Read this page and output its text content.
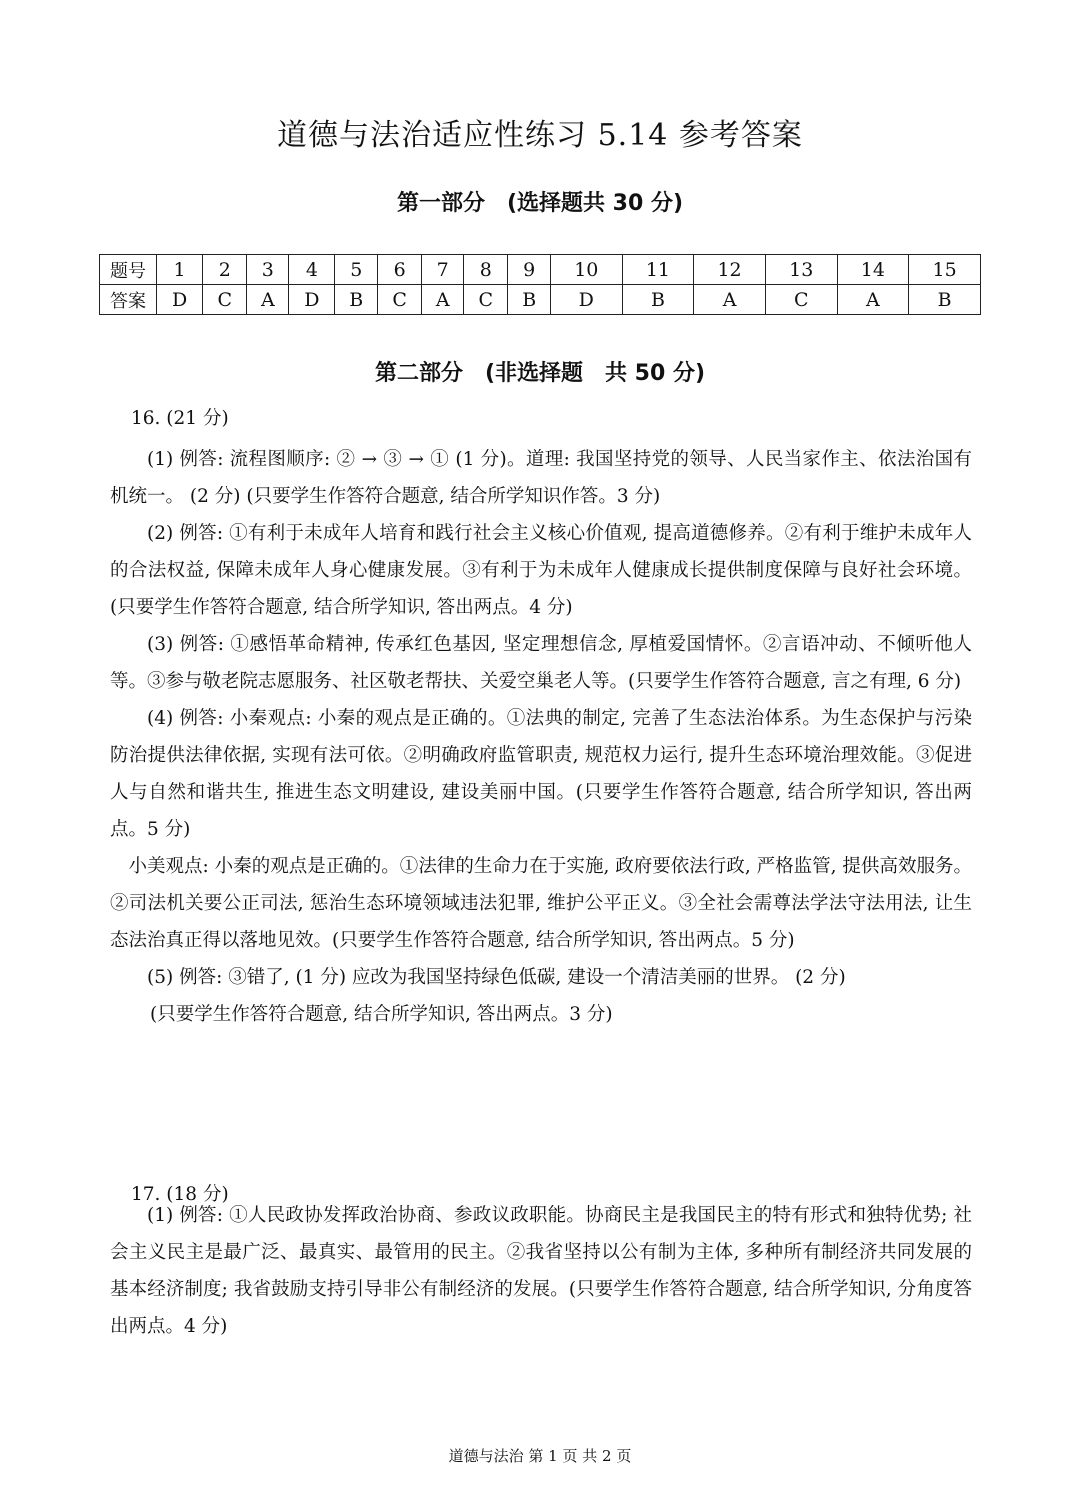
道德与法治适应性练习 5.14 参考答案
第一部分　(选择题共 30 分)
题号	1	2	3	4	5	6	7	8	9	10	11	12	13	14	15
答案	D	C	A	D	B	C	A	C	B	D	B	A	C	A	B
第二部分　(非选择题　共 50 分)
16. (21 分)

(1) 例答: 流程图顺序: ② → ③ → ① (1 分)。道理: 我国坚持党的领导、人民当家作主、依法治国有机统一。 (2 分) (只要学生作答符合题意, 结合所学知识作答。3 分)

(2) 例答: ①有利于未成年人培育和践行社会主义核心价值观, 提高道德修养。②有利于维护未成年人的合法权益, 保障未成年人身心健康发展。③有利于为未成年人健康成长提供制度保障与良好社会环境。(只要学生作答符合题意, 结合所学知识, 答出两点。4 分)

(3) 例答: ①感悟革命精神, 传承红色基因, 坚定理想信念, 厚植爱国情怀。②言语冲动、不倾听他人等。③参与敬老院志愿服务、社区敬老帮扶、关爱空巢老人等。(只要学生作答符合题意, 言之有理, 6 分)

(4) 例答: 小秦观点: 小秦的观点是正确的。①法典的制定, 完善了生态法治体系。为生态保护与污染防治提供法律依据, 实现有法可依。②明确政府监管职责, 规范权力运行, 提升生态环境治理效能。③促进人与自然和谐共生, 推进生态文明建设, 建设美丽中国。(只要学生作答符合题意, 结合所学知识, 答出两点。5 分)

小美观点: 小秦的观点是正确的。①法律的生命力在于实施, 政府要依法行政, 严格监管, 提供高效服务。②司法机关要公正司法, 惩治生态环境领域违法犯罪, 维护公平正义。③全社会需尊法学法守法用法, 让生态法治真正得以落地见效。(只要学生作答符合题意, 结合所学知识, 答出两点。5 分)

(5) 例答: ③错了, (1 分) 应改为我国坚持绿色低碳, 建设一个清洁美丽的世界。 (2 分)

(只要学生作答符合题意, 结合所学知识, 答出两点。3 分)

17. (18 分)

(1) 例答: ①人民政协发挥政治协商、参政议政职能。协商民主是我国民主的特有形式和独特优势; 社会主义民主是最广泛、最真实、最管用的民主。②我省坚持以公有制为主体, 多种所有制经济共同发展的基本经济制度; 我省鼓励支持引导非公有制经济的发展。(只要学生作答符合题意, 结合所学知识, 分角度答出两点。4 分)

道德与法治 第 1 页 共 2 页
